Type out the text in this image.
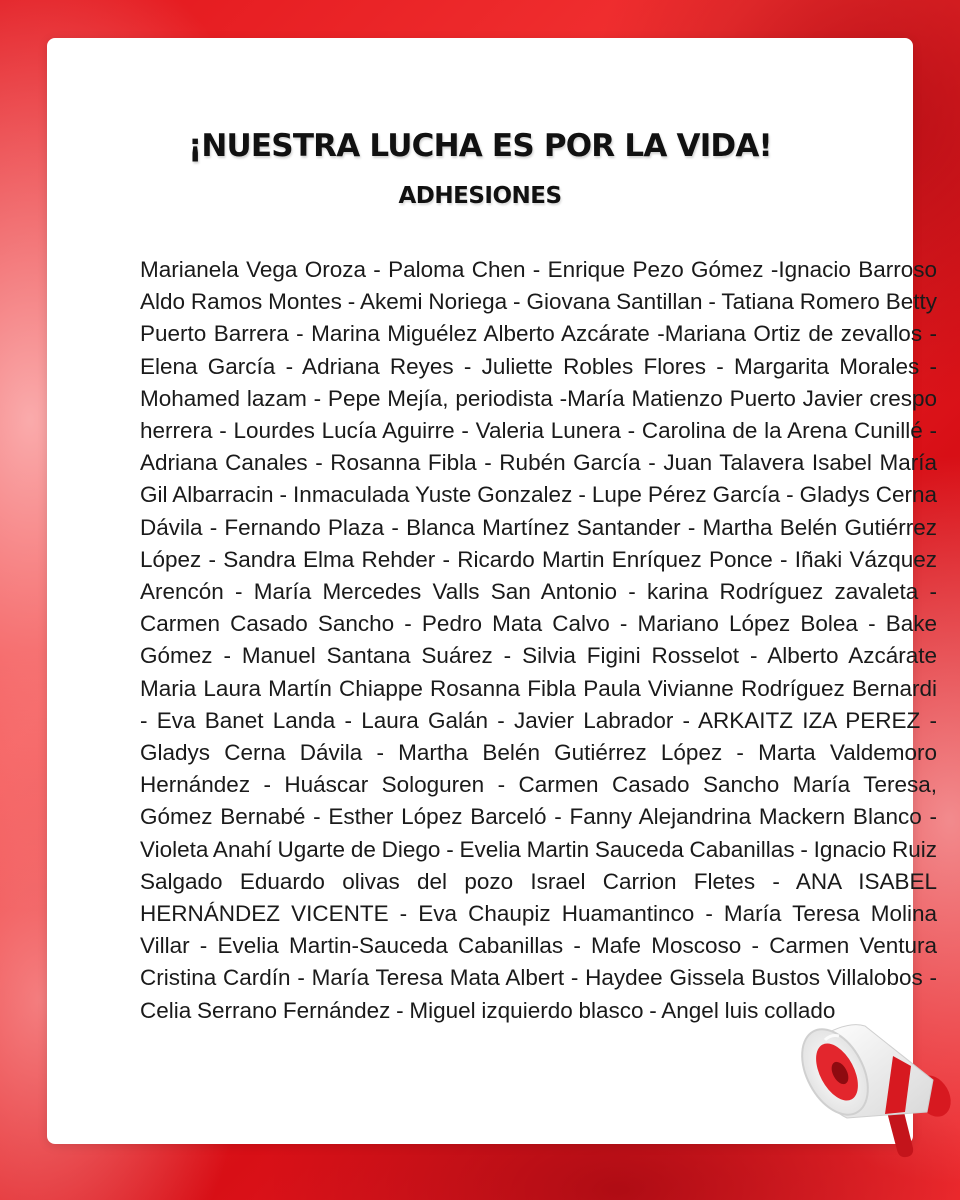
¡NUESTRA LUCHA ES POR LA VIDA!
ADHESIONES

Marianela Vega Oroza - Paloma Chen - Enrique Pezo Gómez -Ignacio Barroso Aldo Ramos Montes - Akemi Noriega - Giovana Santillan - Tatiana Romero Betty Puerto Barrera - Marina Miguélez Alberto Azcárate -Mariana Ortiz de zevallos - Elena García - Adriana Reyes - Juliette Robles Flores - Margarita Morales - Mohamed lazam - Pepe Mejía, periodista -María Matienzo Puerto Javier crespo herrera - Lourdes Lucía Aguirre - Valeria Lunera - Carolina de la Arena Cunillé - Adriana Canales - Rosanna Fibla - Rubén García - Juan Talavera Isabel María Gil Albarracin - Inmaculada Yuste Gonzalez - Lupe Pérez García - Gladys Cerna Dávila - Fernando Plaza - Blanca Martínez Santander - Martha Belén Gutiérrez López - Sandra Elma Rehder - Ricardo Martin Enríquez Ponce - Iñaki Vázquez Arencón - María Mercedes Valls San Antonio - karina Rodríguez zavaleta - Carmen Casado Sancho - Pedro Mata Calvo - Mariano López Bolea - Bake Gómez - Manuel Santana Suárez - Silvia Figini Rosselot - Alberto Azcárate Maria Laura Martín Chiappe Rosanna Fibla Paula Vivianne Rodríguez Bernardi - Eva Banet Landa - Laura Galán - Javier Labrador - ARKAITZ IZA PEREZ - Gladys Cerna Dávila - Martha Belén Gutiérrez López - Marta Valdemoro Hernández - Huáscar Sologuren - Carmen Casado Sancho María Teresa, Gómez Bernabé - Esther López Barceló - Fanny Alejandrina Mackern Blanco - Violeta Anahí Ugarte de Diego - Evelia Martin Sauceda Cabanillas - Ignacio Ruiz Salgado Eduardo olivas del pozo Israel Carrion Fletes - ANA ISABEL HERNÁNDEZ VICENTE - Eva Chaupiz Huamantinco - María Teresa Molina Villar - Evelia Martin-Sauceda Cabanillas - Mafe Moscoso - Carmen Ventura Cristina Cardín - María Teresa Mata Albert - Haydee Gissela Bustos Villalobos - Celia Serrano Fernández - Miguel izquierdo blasco - Angel luis collado
